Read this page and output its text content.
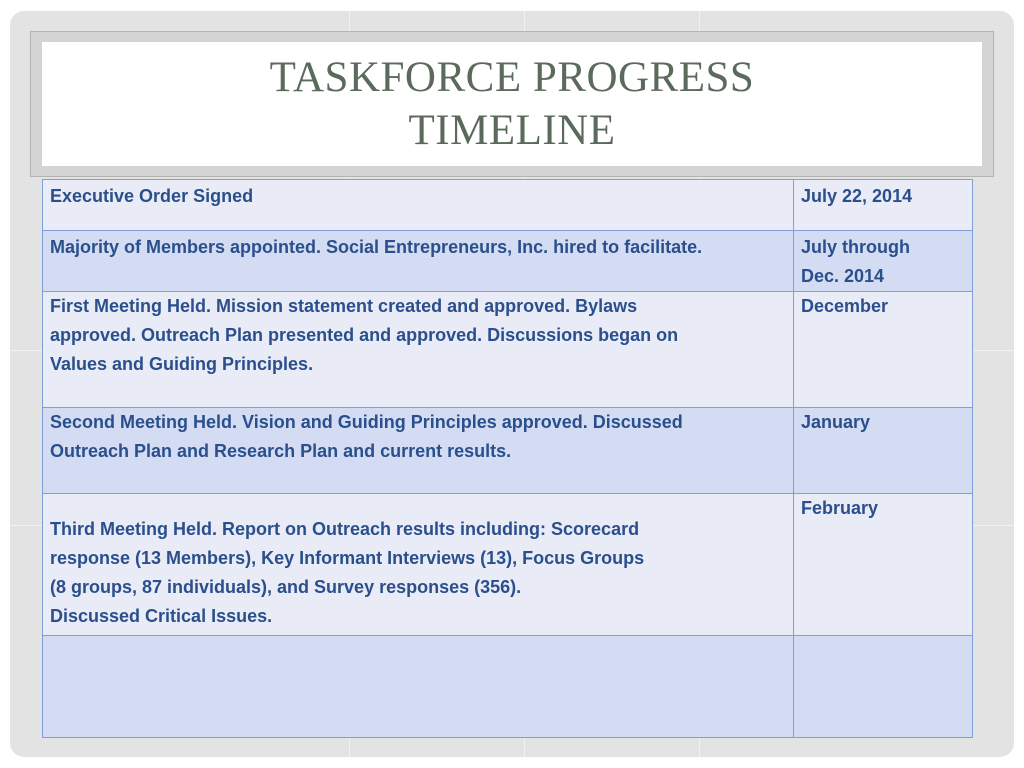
TASKFORCE PROGRESS
TIMELINE
Executive Order Signed	July 22, 2014

Majority of Members appointed. Social Entrepreneurs, Inc. hired to facilitate.	July through
Dec. 2014

First Meeting Held. Mission statement created and approved. Bylaws
approved. Outreach Plan presented and approved. Discussions began on
Values and Guiding Principles.	December

Second Meeting Held. Vision and Guiding Principles approved. Discussed
Outreach Plan and Research Plan and current results.	January

Third Meeting Held. Report on Outreach results including: Scorecard
response (13 Members), Key Informant Interviews (13), Focus Groups
(8 groups, 87 individuals), and Survey responses (356).
Discussed Critical Issues.	February
